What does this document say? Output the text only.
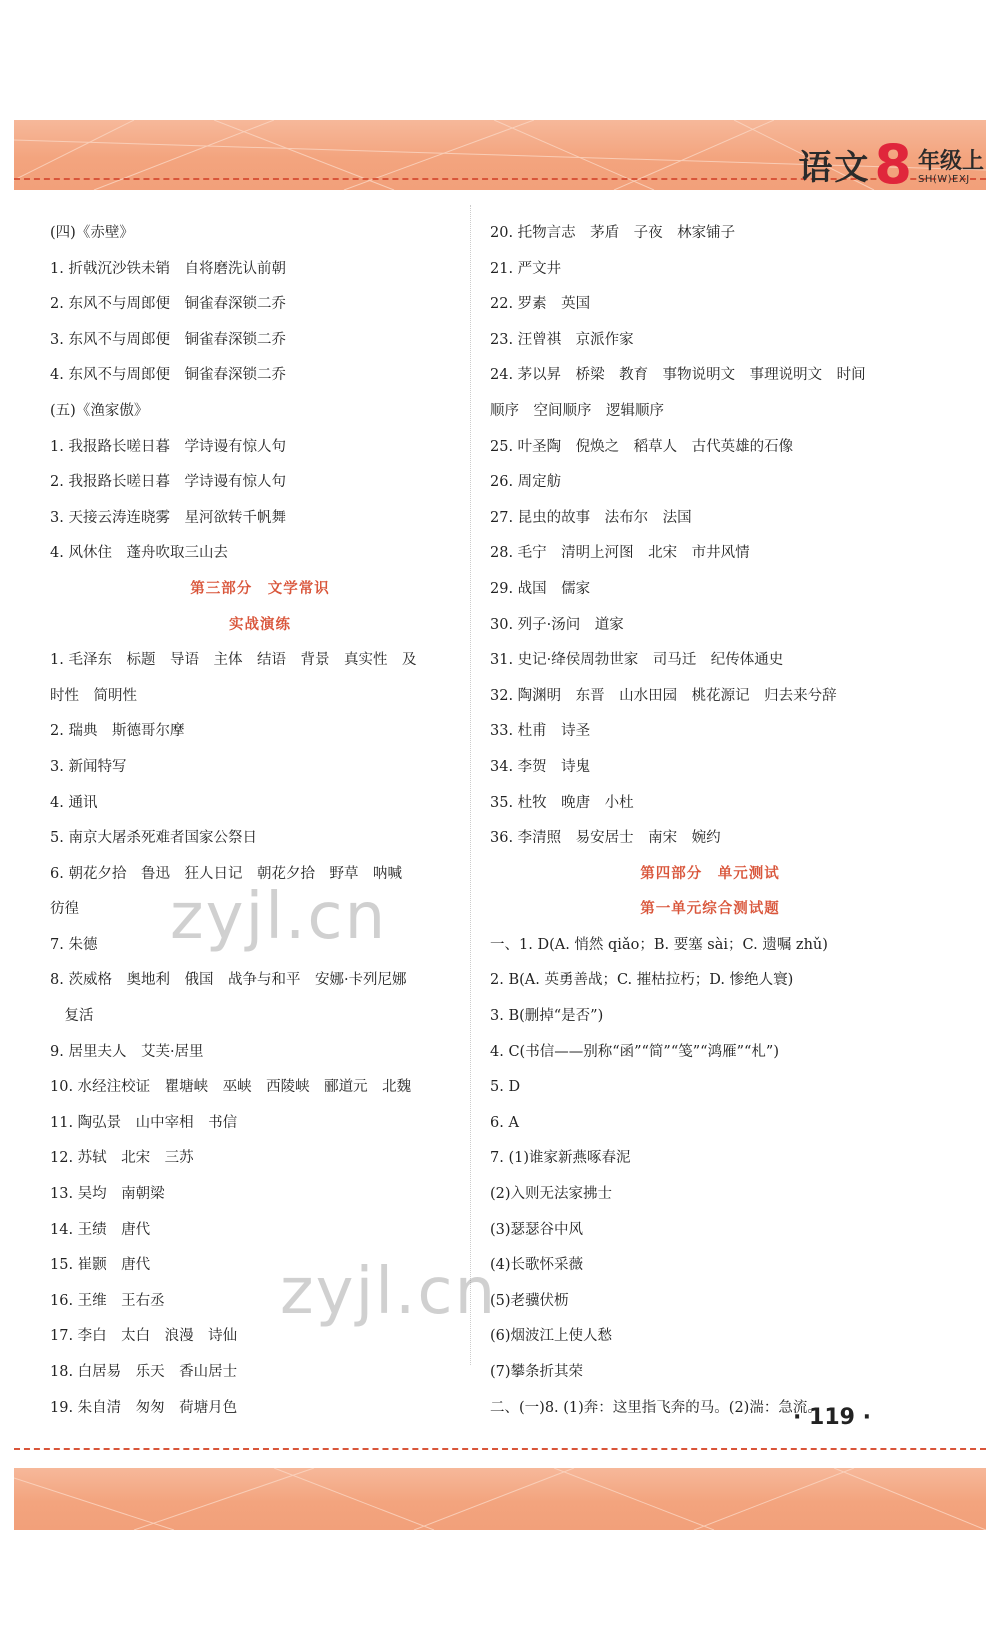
语文 8 年级上
SH(W)EXJ
(四)《赤壁》
1. 折戟沉沙铁未销　自将磨洗认前朝
2. 东风不与周郎便　铜雀春深锁二乔
3. 东风不与周郎便　铜雀春深锁二乔
4. 东风不与周郎便　铜雀春深锁二乔
(五)《渔家傲》
1. 我报路长嗟日暮　学诗谩有惊人句
2. 我报路长嗟日暮　学诗谩有惊人句
3. 天接云涛连晓雾　星河欲转千帆舞
4. 风休住　蓬舟吹取三山去
第三部分　文学常识
实战演练
1. 毛泽东　标题　导语　主体　结语　背景　真实性　及
时性　简明性
2. 瑞典　斯德哥尔摩
3. 新闻特写
4. 通讯
5. 南京大屠杀死难者国家公祭日
6. 朝花夕拾　鲁迅　狂人日记　朝花夕拾　野草　呐喊
彷徨
7. 朱德
8. 茨威格　奥地利　俄国　战争与和平　安娜·卡列尼娜
　复活
9. 居里夫人　艾芙·居里
10. 水经注校证　瞿塘峡　巫峡　西陵峡　郦道元　北魏
11. 陶弘景　山中宰相　书信
12. 苏轼　北宋　三苏
13. 吴均　南朝梁
14. 王绩　唐代
15. 崔颢　唐代
16. 王维　王右丞
17. 李白　太白　浪漫　诗仙
18. 白居易　乐天　香山居士
19. 朱自清　匆匆　荷塘月色
20. 托物言志　茅盾　子夜　林家铺子
21. 严文井
22. 罗素　英国
23. 汪曾祺　京派作家
24. 茅以昇　桥梁　教育　事物说明文　事理说明文　时间
顺序　空间顺序　逻辑顺序
25. 叶圣陶　倪焕之　稻草人　古代英雄的石像
26. 周定舫
27. 昆虫的故事　法布尔　法国
28. 毛宁　清明上河图　北宋　市井风情
29. 战国　儒家
30. 列子·汤问　道家
31. 史记·绛侯周勃世家　司马迁　纪传体通史
32. 陶渊明　东晋　山水田园　桃花源记　归去来兮辞
33. 杜甫　诗圣
34. 李贺　诗鬼
35. 杜牧　晚唐　小杜
36. 李清照　易安居士　南宋　婉约
第四部分　单元测试
第一单元综合测试题
一、1. D(A. 悄然 qiǎo；B. 要塞 sài；C. 遗嘱 zhǔ)
2. B(A. 英勇善战；C. 摧枯拉朽；D. 惨绝人寰)
3. B(删掉“是否”)
4. C(书信——别称“函”“简”“笺”“鸿雁”“札”)
5. D
6. A
7. (1)谁家新燕啄春泥
(2)入则无法家拂士
(3)瑟瑟谷中风
(4)长歌怀采薇
(5)老骥伏枥
(6)烟波江上使人愁
(7)攀条折其荣
二、(一)8. (1)奔：这里指飞奔的马。(2)湍：急流。
· 119 ·
zyjl.cn
zyjl.cn
